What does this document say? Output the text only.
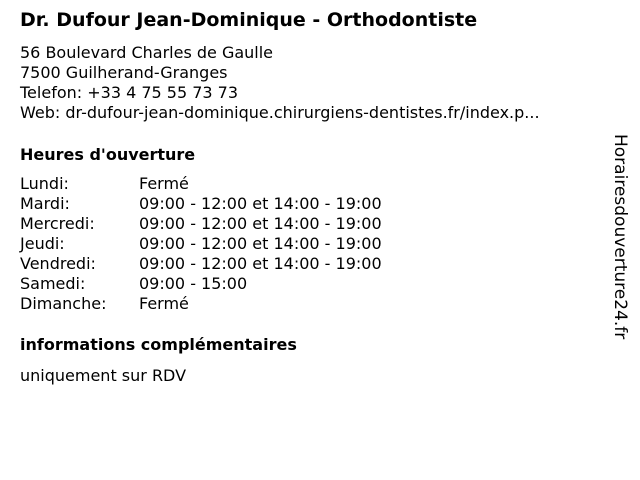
Dr. Dufour Jean-Dominique - Orthodontiste
56 Boulevard Charles de Gaulle
7500 Guilherand-Granges
Telefon: +33 4 75 55 73 73
Web: dr-dufour-jean-dominique.chirurgiens-dentistes.fr/index.p...
Heures d'ouverture
Lundi:	Fermé
Mardi:	09:00 - 12:00 et 14:00 - 19:00
Mercredi:	09:00 - 12:00 et 14:00 - 19:00
Jeudi:	09:00 - 12:00 et 14:00 - 19:00
Vendredi:	09:00 - 12:00 et 14:00 - 19:00
Samedi:	09:00 - 15:00
Dimanche: Fermé
informations complémentaires
uniquement sur RDV
Horairesdouverture24.fr
